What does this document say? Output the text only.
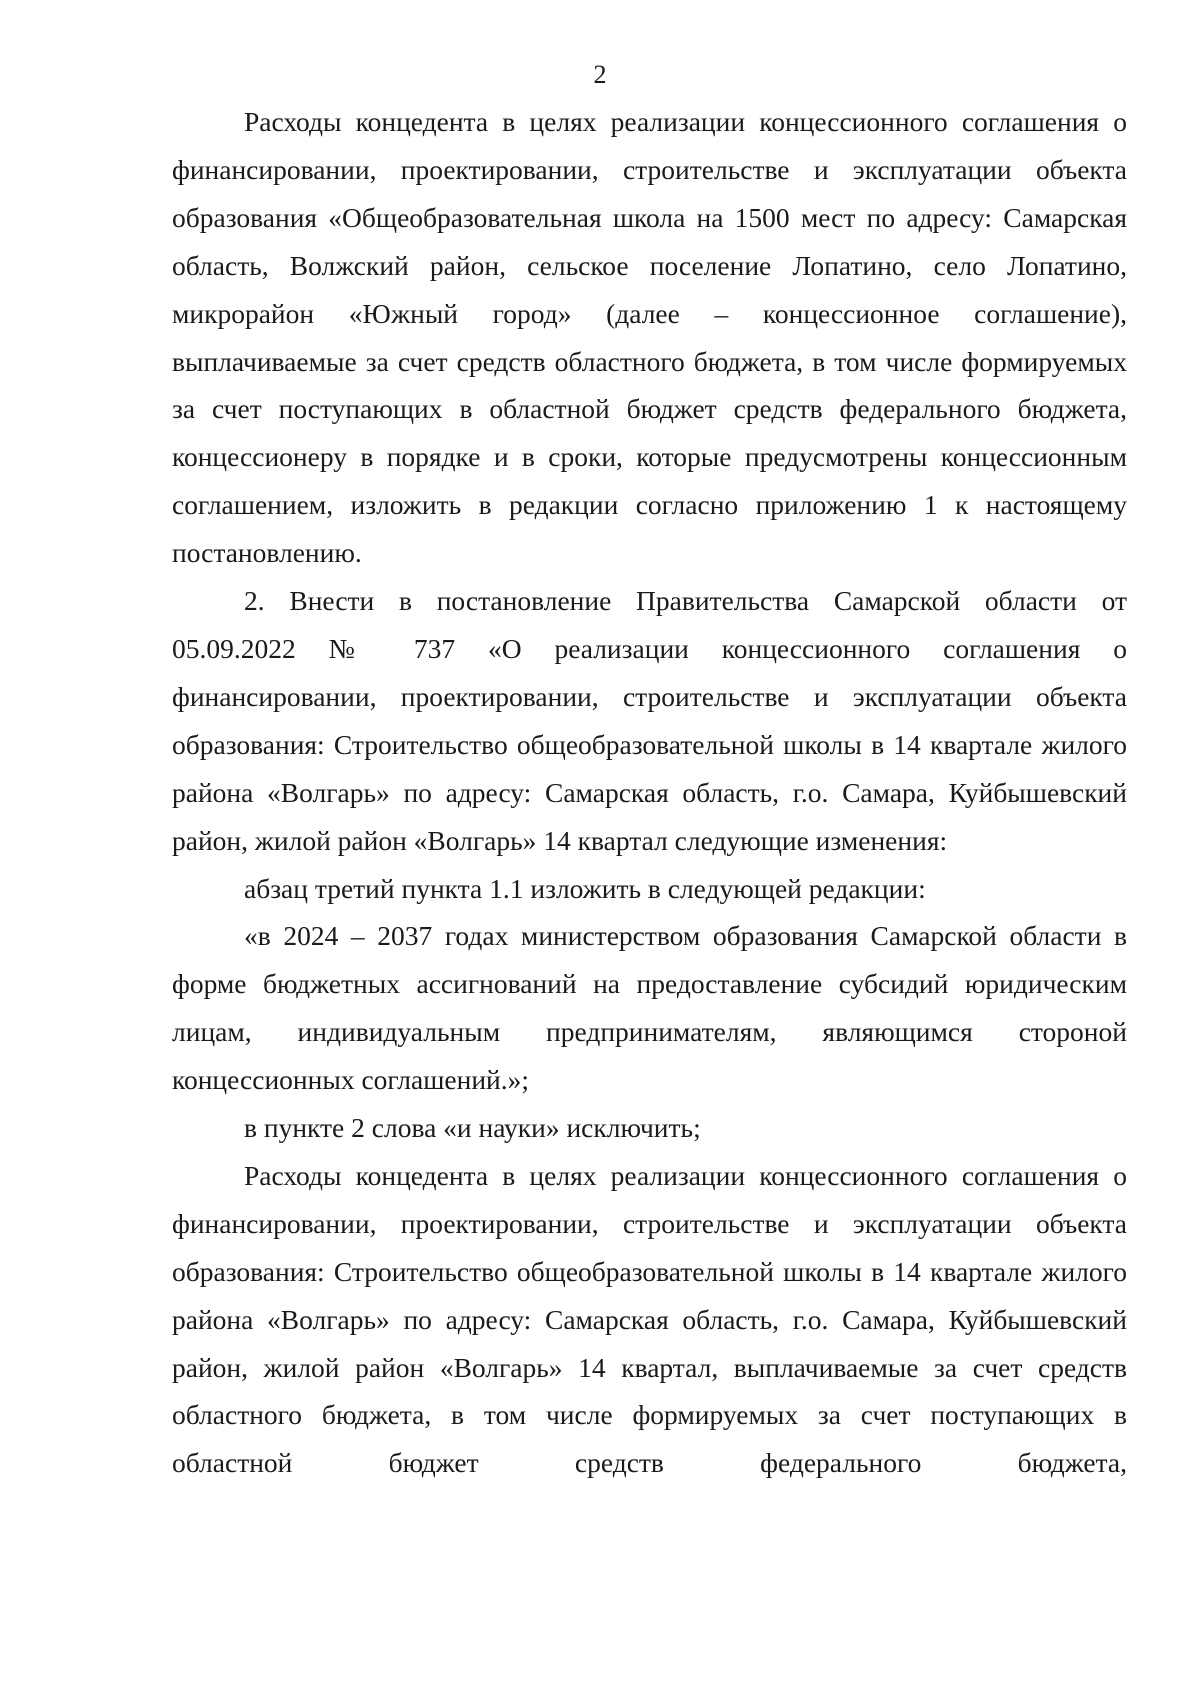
2

Расходы концедента в целях реализации концессионного соглашения о финансировании, проектировании, строительстве и эксплуатации объекта образования «Общеобразовательная школа на 1500 мест по адресу: Самарская область, Волжский район, сельское поселение Лопатино, село Лопатино, микрорайон «Южный город» (далее – концессионное соглашение), выплачиваемые за счет средств областного бюджета, в том числе формируемых за счет поступающих в областной бюджет средств федерального бюджета, концессионеру в порядке и в сроки, которые предусмотрены концессионным соглашением, изложить в редакции согласно приложению 1 к настоящему постановлению.

2. Внести в постановление Правительства Самарской области от 05.09.2022 № 737 «О реализации концессионного соглашения о финансировании, проектировании, строительстве и эксплуатации объекта образования: Строительство общеобразовательной школы в 14 квартале жилого района «Волгарь» по адресу: Самарская область, г.о. Самара, Куйбышевский район, жилой район «Волгарь» 14 квартал следующие изменения:

абзац третий пункта 1.1 изложить в следующей редакции:

«в 2024 – 2037 годах министерством образования Самарской области в форме бюджетных ассигнований на предоставление субсидий юридическим лицам, индивидуальным предпринимателям, являющимся стороной концессионных соглашений.»;

в пункте 2 слова «и науки» исключить;

Расходы концедента в целях реализации концессионного соглашения о финансировании, проектировании, строительстве и эксплуатации объекта образования: Строительство общеобразовательной школы в 14 квартале жилого района «Волгарь» по адресу: Самарская область, г.о. Самара, Куйбышевский район, жилой район «Волгарь» 14 квартал, выплачиваемые за счет средств областного бюджета, в том числе формируемых за счет поступающих в областной бюджет средств федерального бюджета,
